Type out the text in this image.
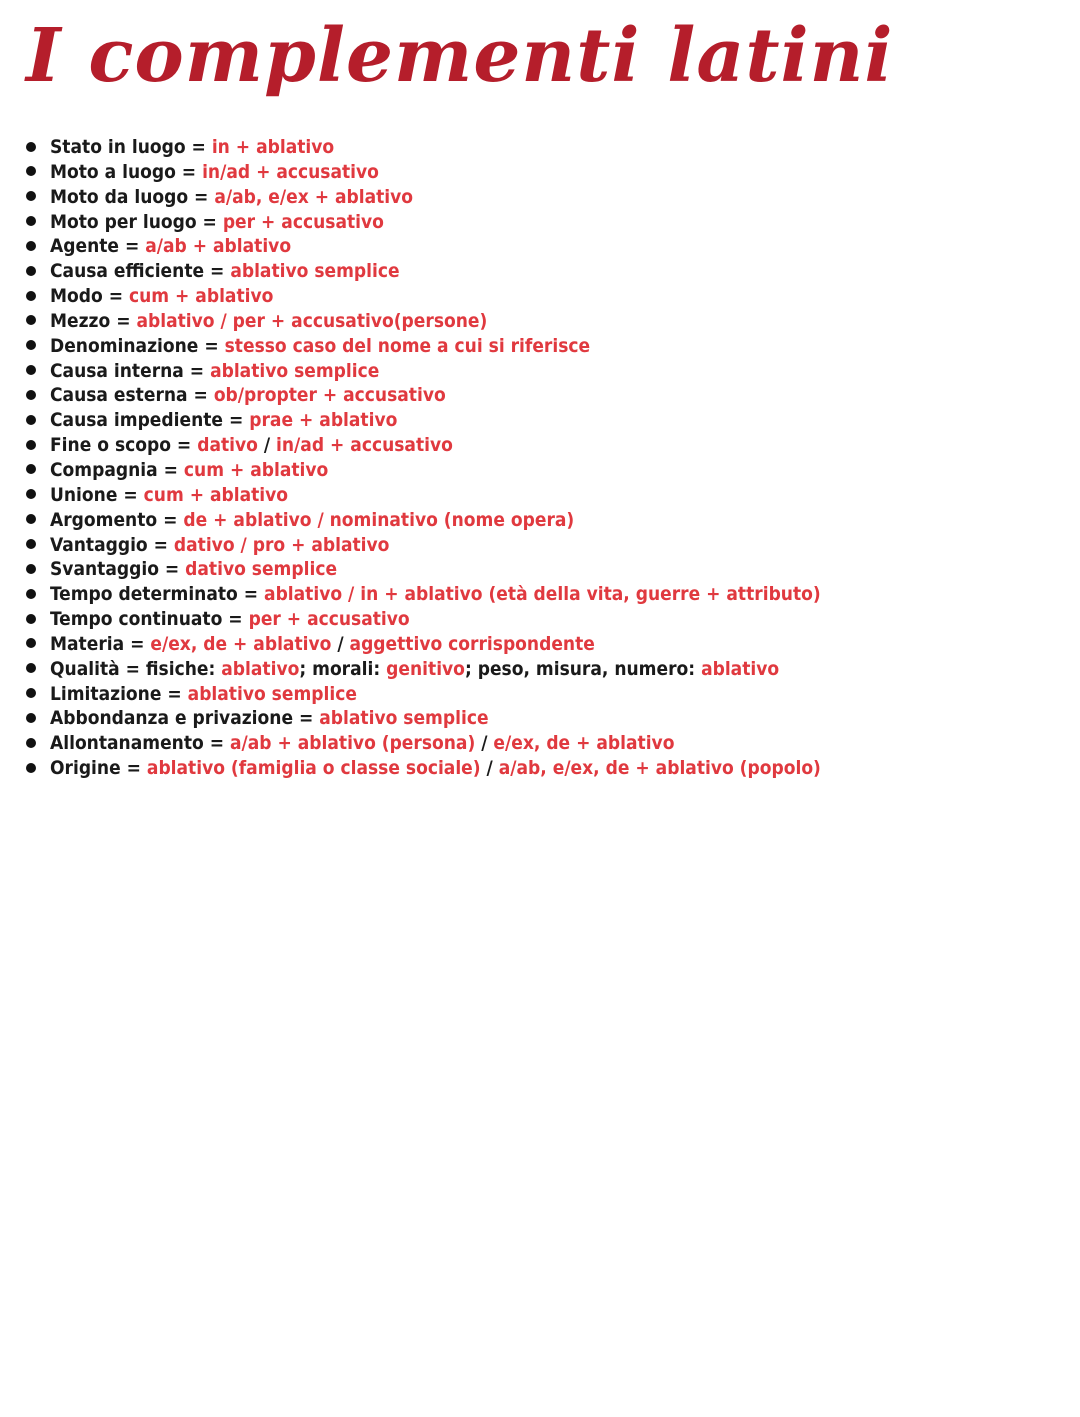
I complementi latini
Stato in luogo = in + ablativo
Moto a luogo = in/ad + accusativo
Moto da luogo = a/ab, e/ex + ablativo
Moto per luogo = per + accusativo
Agente = a/ab + ablativo
Causa efficiente = ablativo semplice
Modo = cum + ablativo
Mezzo = ablativo / per + accusativo(persone)
Denominazione = stesso caso del nome a cui si riferisce
Causa interna = ablativo semplice
Causa esterna = ob/propter + accusativo
Causa impediente = prae + ablativo
Fine o scopo = dativo / in/ad + accusativo
Compagnia = cum + ablativo
Unione = cum + ablativo
Argomento = de + ablativo / nominativo (nome opera)
Vantaggio = dativo / pro + ablativo
Svantaggio = dativo semplice
Tempo determinato = ablativo / in + ablativo (età della vita, guerre + attributo)
Tempo continuato = per + accusativo
Materia = e/ex, de + ablativo / aggettivo corrispondente
Qualità = fisiche: ablativo; morali: genitivo; peso, misura, numero: ablativo
Limitazione = ablativo semplice
Abbondanza e privazione = ablativo semplice
Allontanamento = a/ab + ablativo (persona) / e/ex, de + ablativo
Origine = ablativo (famiglia o classe sociale) / a/ab, e/ex, de + ablativo (popolo)
